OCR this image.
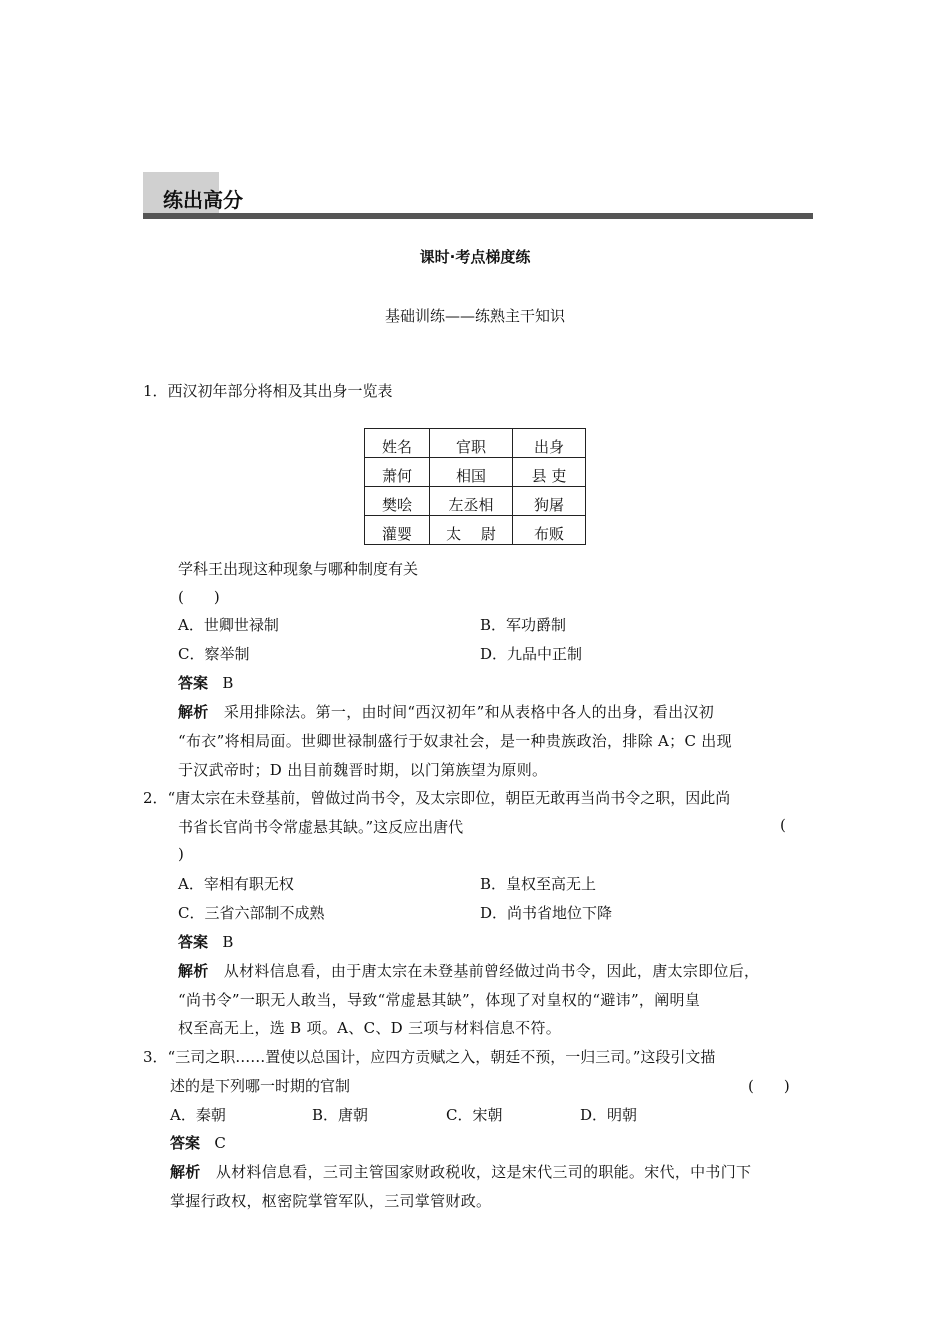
练出高分
课时·考点梯度练
基础训练——练熟主干知识
1．西汉初年部分将相及其出身一览表
姓名	官职	出身
萧何	相国	县 吏
樊哙	左丞相	狗屠
灌婴	太　 尉	布贩
学科王出现这种现象与哪种制度有关
(　　)
A．世卿世禄制	B．军功爵制
C．察举制	D．九品中正制
答案 B
解析 采用排除法。第一，由时间“西汉初年”和从表格中各人的出身，看出汉初
“布衣”将相局面。世卿世禄制盛行于奴隶社会，是一种贵族政治，排除 A；C 出现
于汉武帝时；D 出目前魏晋时期，以门第族望为原则。
2．“唐太宗在未登基前，曾做过尚书令，及太宗即位，朝臣无敢再当尚书令之职，因此尚
书省长官尚书令常虚悬其缺。”这反应出唐代	(
)
A．宰相有职无权	B．皇权至高无上
C．三省六部制不成熟	D．尚书省地位下降
答案 B
解析 从材料信息看，由于唐太宗在未登基前曾经做过尚书令，因此，唐太宗即位后，
“尚书令”一职无人敢当，导致“常虚悬其缺”，体现了对皇权的“避讳”，阐明皇
权至高无上，选 B 项。A、C、D 三项与材料信息不符。
3．“三司之职……置使以总国计，应四方贡赋之入，朝廷不预，一归三司。”这段引文描
述的是下列哪一时期的官制	(　　)
A．秦朝	B．唐朝	C．宋朝	D．明朝
答案 C
解析 从材料信息看，三司主管国家财政税收，这是宋代三司的职能。宋代，中书门下
掌握行政权，枢密院掌管军队，三司掌管财政。
